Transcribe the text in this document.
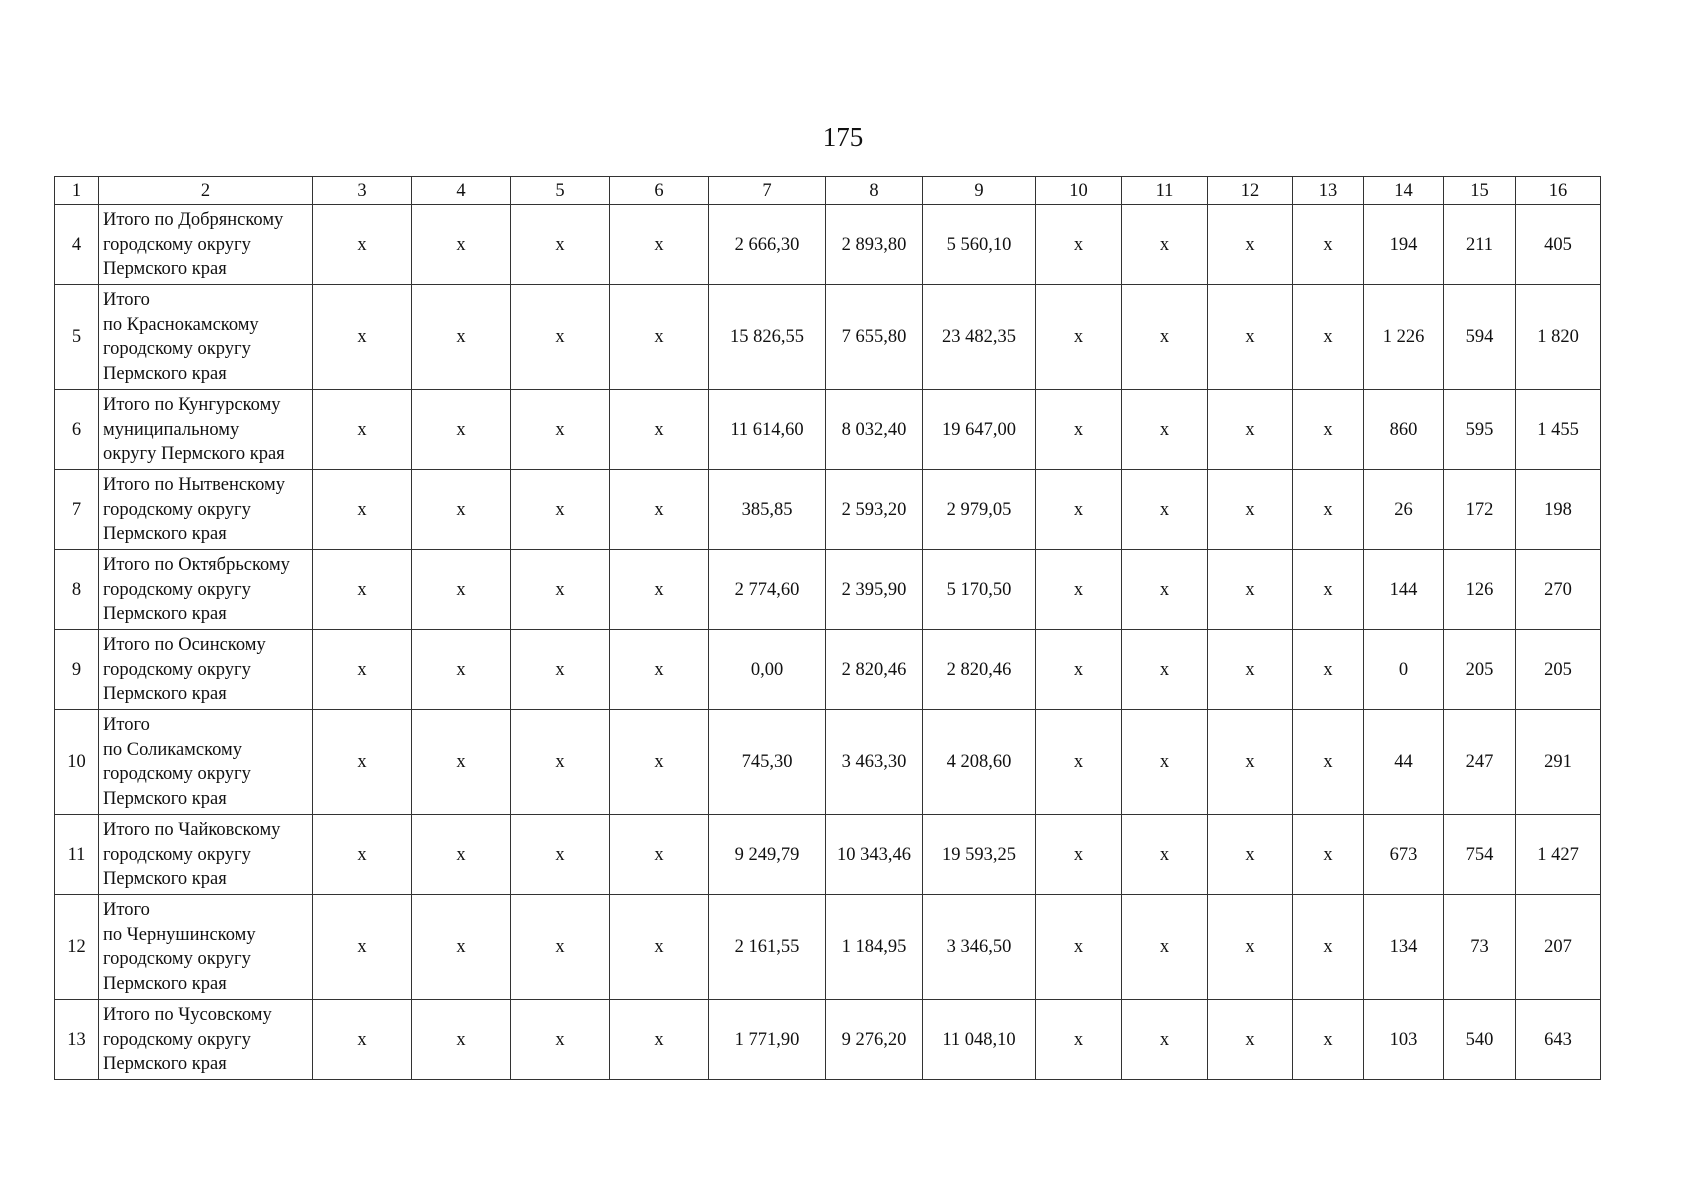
175
1	2	3	4	5	6	7	8	9	10	11	12	13	14	15	16
4	Итого по Добрянскому
городскому округу
Пермского края	x	x	x	x	2 666,30	2 893,80	5 560,10	x	x	x	x	194	211	405
5	Итого
по Краснокамскому
городскому округу
Пермского края	x	x	x	x	15 826,55	7 655,80	23 482,35	x	x	x	x	1 226	594	1 820
6	Итого по Кунгурскому
муниципальному
округу Пермского края	x	x	x	x	11 614,60	8 032,40	19 647,00	x	x	x	x	860	595	1 455
7	Итого по Нытвенскому
городскому округу
Пермского края	x	x	x	x	385,85	2 593,20	2 979,05	x	x	x	x	26	172	198
8	Итого по Октябрьскому
городскому округу
Пермского края	x	x	x	x	2 774,60	2 395,90	5 170,50	x	x	x	x	144	126	270
9	Итого по Осинскому
городскому округу
Пермского края	x	x	x	x	0,00	2 820,46	2 820,46	x	x	x	x	0	205	205
10	Итого
по Соликамскому
городскому округу
Пермского края	x	x	x	x	745,30	3 463,30	4 208,60	x	x	x	x	44	247	291
11	Итого по Чайковскому
городскому округу
Пермского края	x	x	x	x	9 249,79	10 343,46	19 593,25	x	x	x	x	673	754	1 427
12	Итого
по Чернушинскому
городскому округу
Пермского края	x	x	x	x	2 161,55	1 184,95	3 346,50	x	x	x	x	134	73	207
13	Итого по Чусовскому
городскому округу
Пермского края	x	x	x	x	1 771,90	9 276,20	11 048,10	x	x	x	x	103	540	643
